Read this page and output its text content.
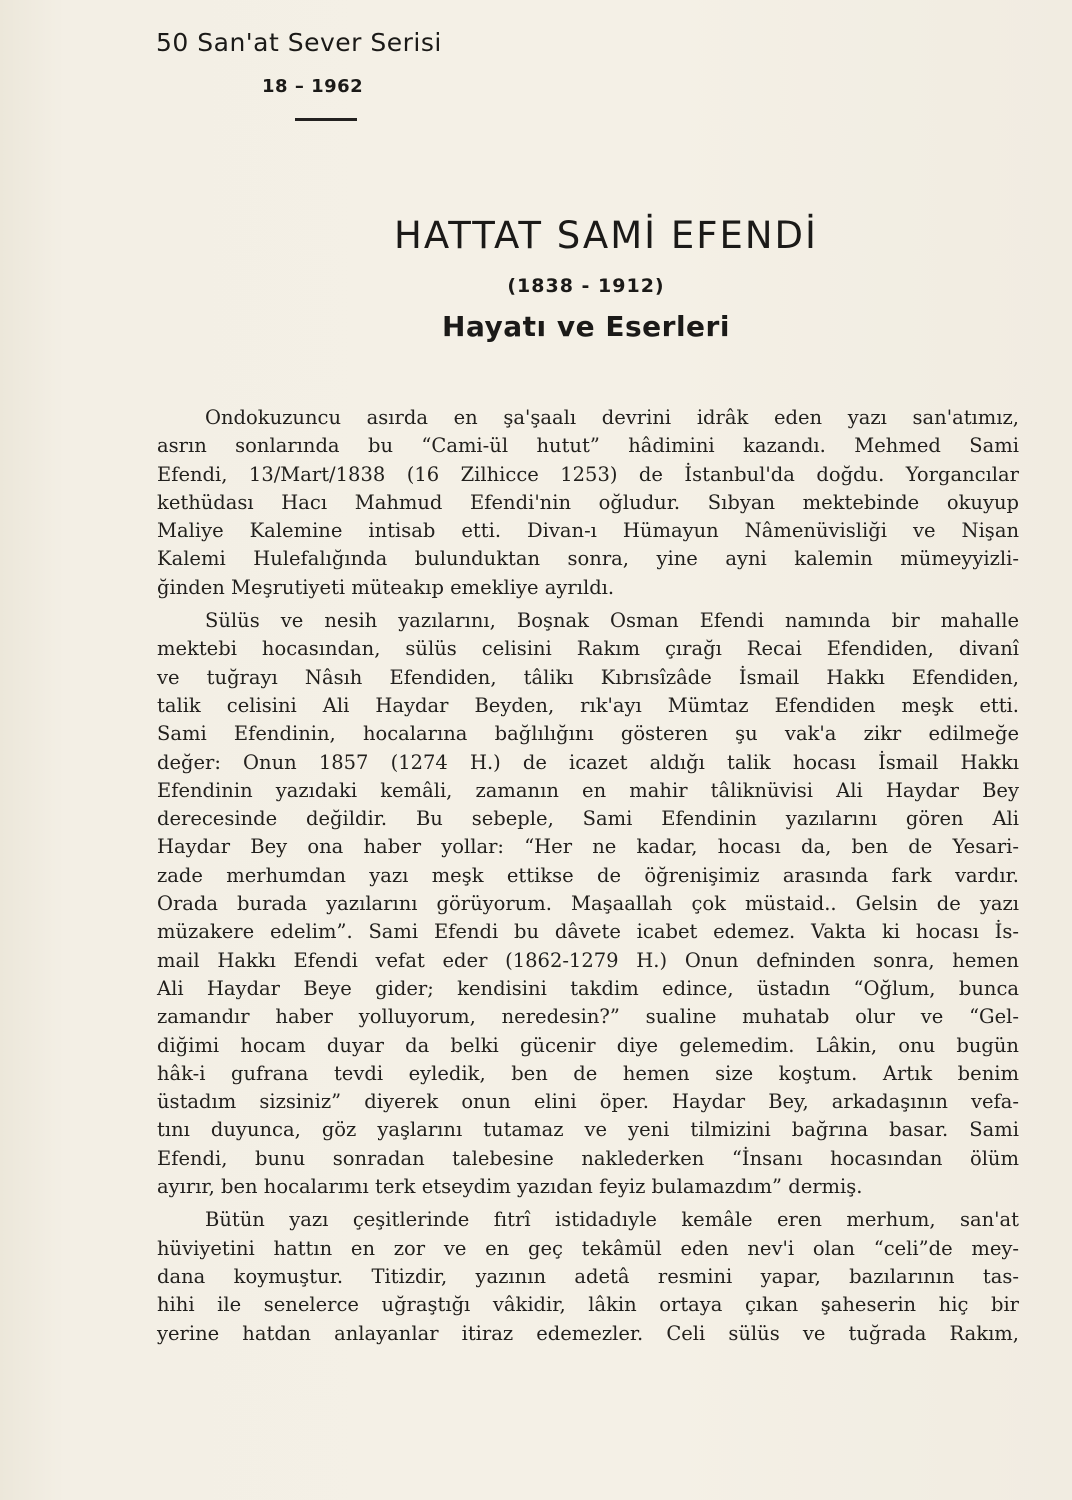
50 San'at Sever Serisi
18 – 1962
HATTAT SAMİ EFENDİ
(1838 - 1912)
Hayatı ve Eserleri
Ondokuzuncu asırda en şa'şaalı devrini idrâk eden yazı san'atımız,
asrın sonlarında bu “Cami-ül hutut” hâdimini kazandı. Mehmed Sami
Efendi, 13/Mart/1838 (16 Zilhicce 1253) de İstanbul'da doğdu. Yorgancılar
kethüdası Hacı Mahmud Efendi'nin oğludur. Sıbyan mektebinde okuyup
Maliye Kalemine intisab etti. Divan-ı Hümayun Nâmenüvisliği ve Nişan
Kalemi Hulefalığında bulunduktan sonra, yine ayni kalemin mümeyyizli-
ğinden Meşrutiyeti müteakıp emekliye ayrıldı.
Sülüs ve nesih yazılarını, Boşnak Osman Efendi namında bir mahalle
mektebi hocasından, sülüs celisini Rakım çırağı Recai Efendiden, divanî
ve tuğrayı Nâsıh Efendiden, tâlikı Kıbrısîzâde İsmail Hakkı Efendiden,
talik celisini Ali Haydar Beyden, rık'ayı Mümtaz Efendiden meşk etti.
Sami Efendinin, hocalarına bağlılığını gösteren şu vak'a zikr edilmeğe
değer: Onun 1857 (1274 H.) de icazet aldığı talik hocası İsmail Hakkı
Efendinin yazıdaki kemâli, zamanın en mahir tâliknüvisi Ali Haydar Bey
derecesinde değildir. Bu sebeple, Sami Efendinin yazılarını gören Ali
Haydar Bey ona haber yollar: “Her ne kadar, hocası da, ben de Yesari-
zade merhumdan yazı meşk ettikse de öğrenişimiz arasında fark vardır.
Orada burada yazılarını görüyorum. Maşaallah çok müstaid.. Gelsin de yazı
müzakere edelim”. Sami Efendi bu dâvete icabet edemez. Vakta ki hocası İs-
mail Hakkı Efendi vefat eder (1862-1279 H.) Onun defninden sonra, hemen
Ali Haydar Beye gider; kendisini takdim edince, üstadın “Oğlum, bunca
zamandır haber yolluyorum, neredesin?” sualine muhatab olur ve “Gel-
diğimi hocam duyar da belki gücenir diye gelemedim. Lâkin, onu bugün
hâk-i gufrana tevdi eyledik, ben de hemen size koştum. Artık benim
üstadım sizsiniz” diyerek onun elini öper. Haydar Bey, arkadaşının vefa-
tını duyunca, göz yaşlarını tutamaz ve yeni tilmizini bağrına basar. Sami
Efendi, bunu sonradan talebesine naklederken “İnsanı hocasından ölüm
ayırır, ben hocalarımı terk etseydim yazıdan feyiz bulamazdım” dermiş.
Bütün yazı çeşitlerinde fıtrî istidadıyle kemâle eren merhum, san'at
hüviyetini hattın en zor ve en geç tekâmül eden nev'i olan “celi”de mey-
dana koymuştur. Titizdir, yazının adetâ resmini yapar, bazılarının tas-
hihi ile senelerce uğraştığı vâkidir, lâkin ortaya çıkan şaheserin hiç bir
yerine hatdan anlayanlar itiraz edemezler. Celi sülüs ve tuğrada Rakım,
